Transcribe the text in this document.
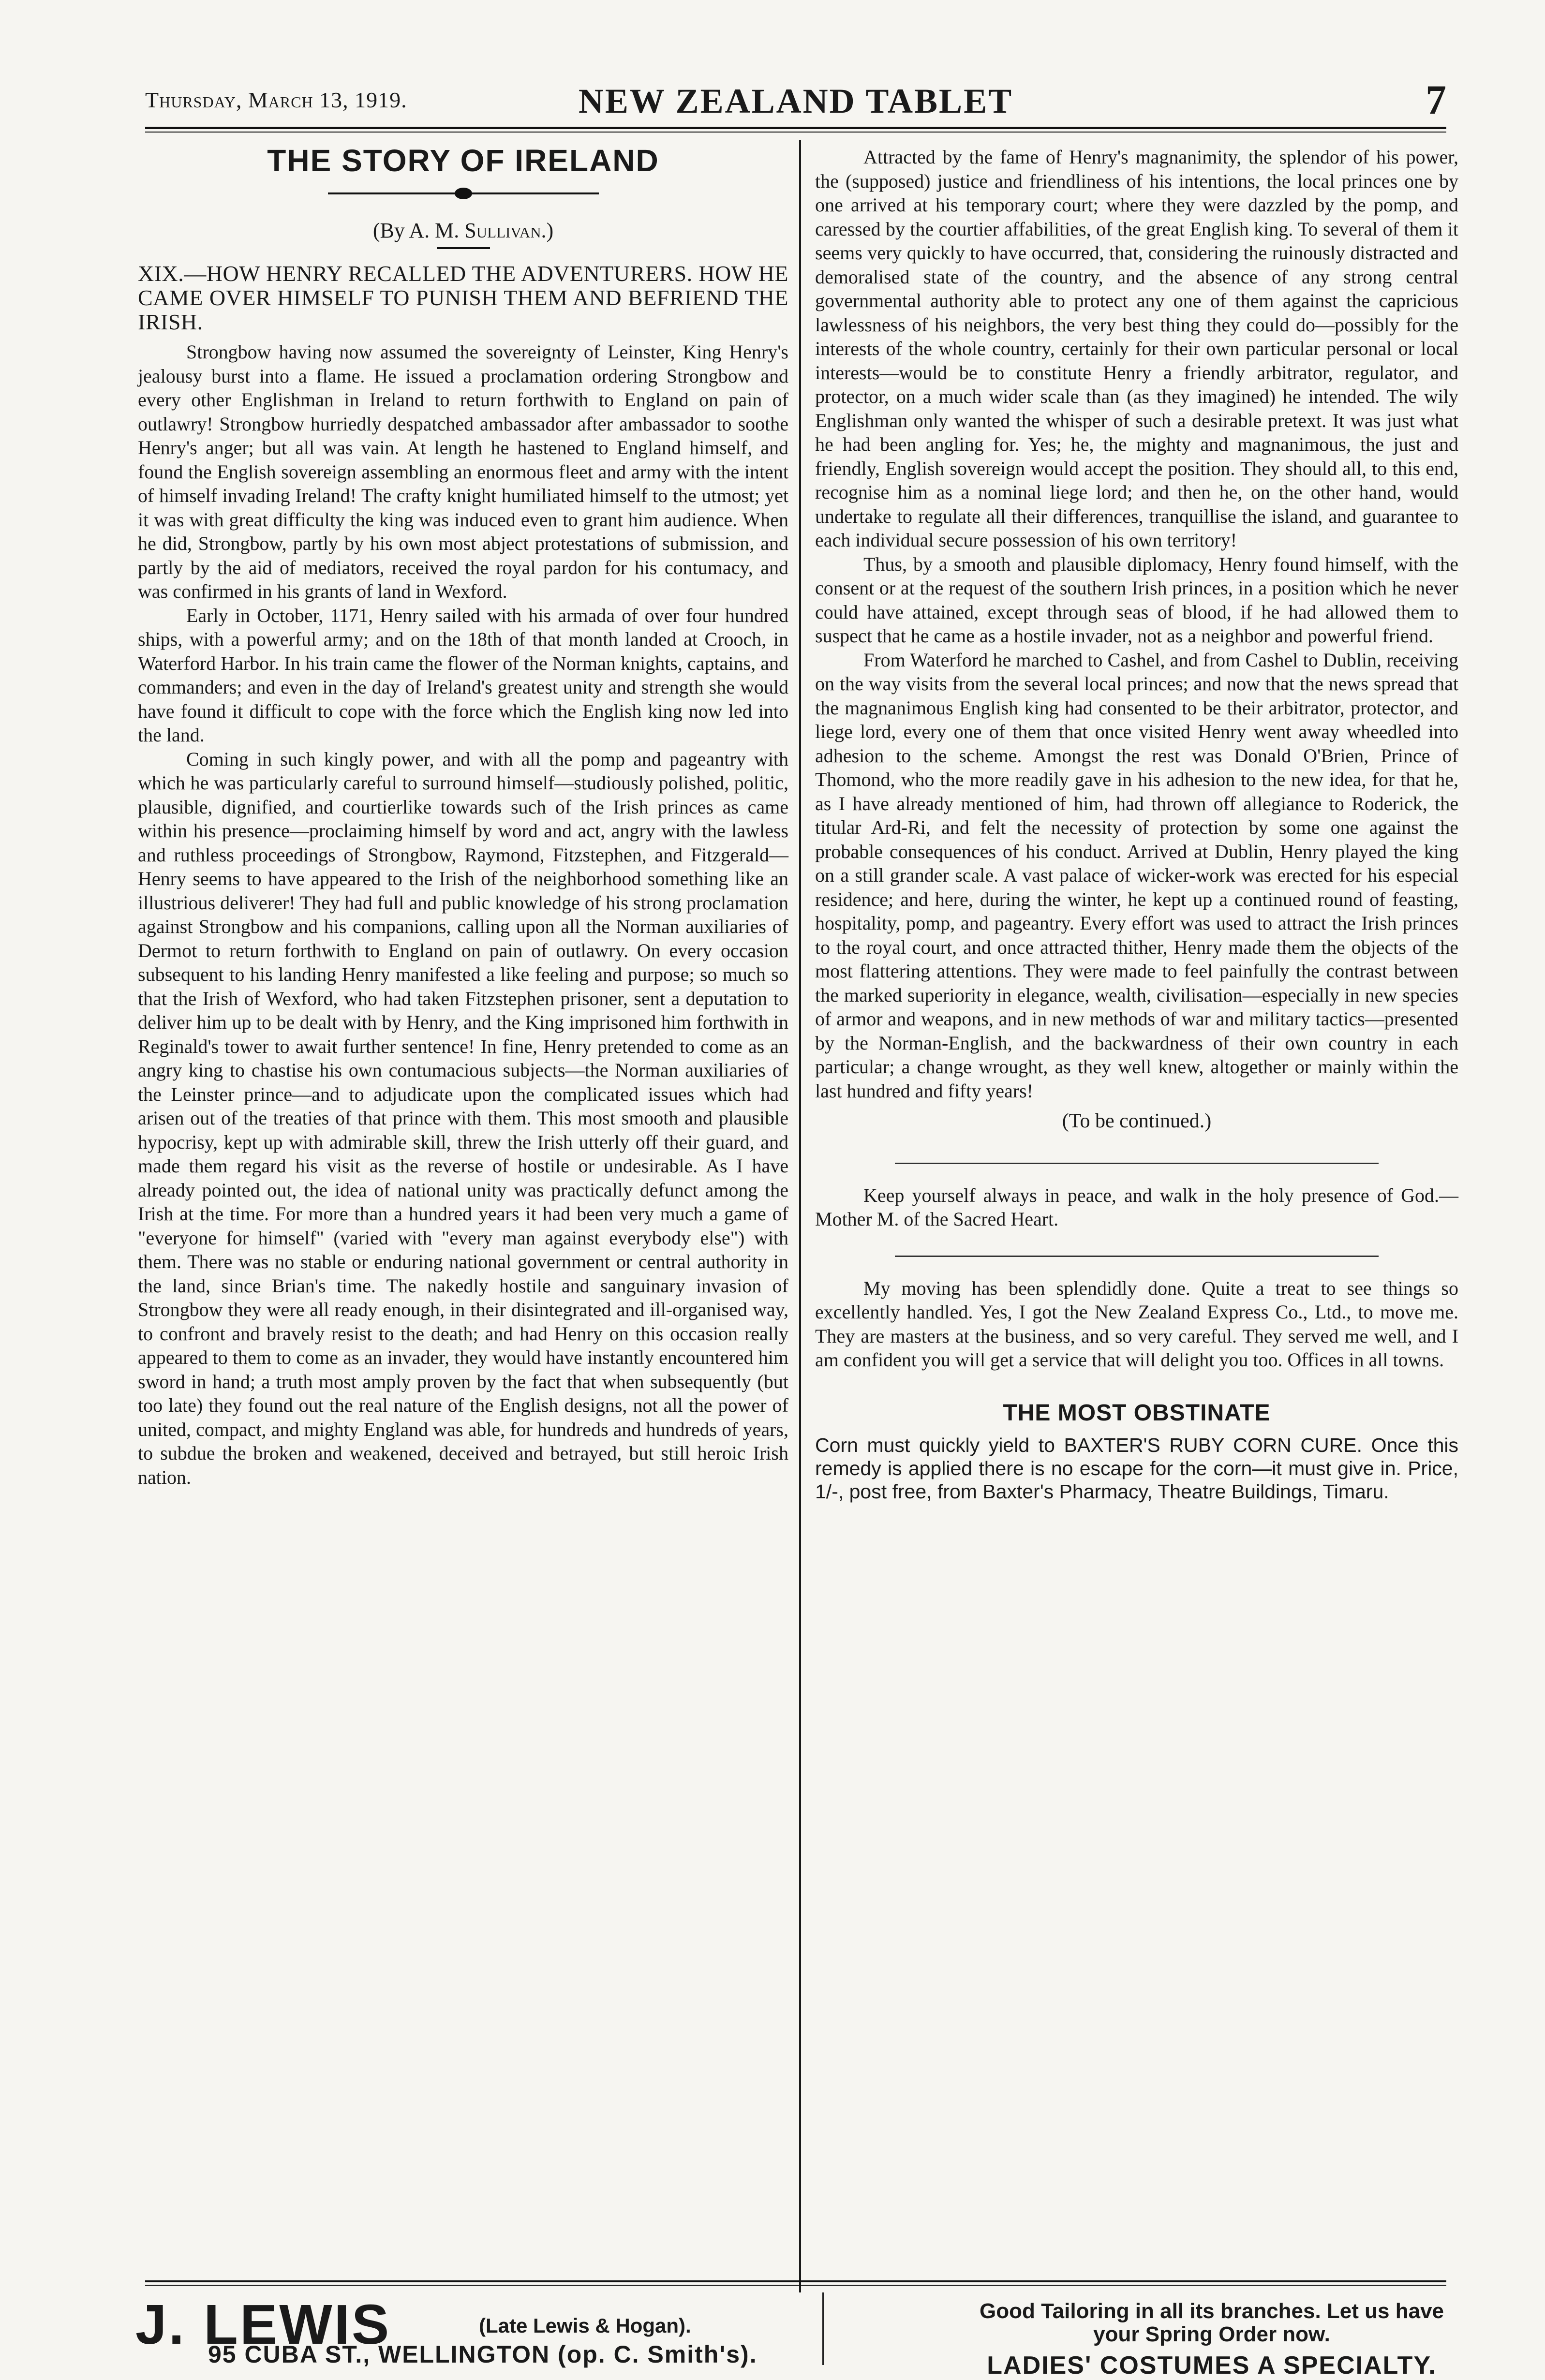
Thursday, March 13, 1919.	NEW ZEALAND TABLET	7
THE STORY OF IRELAND
(By A. M. Sullivan.)
XIX.—HOW HENRY RECALLED THE ADVENTURERS. HOW HE CAME OVER HIMSELF TO PUNISH THEM AND BEFRIEND THE IRISH.

Strongbow having now assumed the sovereignty of Leinster, King Henry's jealousy burst into a flame. He issued a proclamation ordering Strongbow and every other Englishman in Ireland to return forthwith to England on pain of outlawry! Strongbow hurriedly despatched ambassador after ambassador to soothe Henry's anger; but all was vain. At length he hastened to England himself, and found the English sovereign assembling an enormous fleet and army with the intent of himself invading Ireland! The crafty knight humiliated himself to the utmost; yet it was with great difficulty the king was induced even to grant him audience. When he did, Strongbow, partly by his own most abject protestations of submission, and partly by the aid of mediators, received the royal pardon for his contumacy, and was confirmed in his grants of land in Wexford.

Early in October, 1171, Henry sailed with his armada of over four hundred ships, with a powerful army; and on the 18th of that month landed at Crooch, in Waterford Harbor. In his train came the flower of the Norman knights, captains, and commanders; and even in the day of Ireland's greatest unity and strength she would have found it difficult to cope with the force which the English king now led into the land.

Coming in such kingly power, and with all the pomp and pageantry with which he was particularly careful to surround himself—studiously polished, politic, plausible, dignified, and courtierlike towards such of the Irish princes as came within his presence—proclaiming himself by word and act, angry with the lawless and ruthless proceedings of Strongbow, Raymond, Fitzstephen, and Fitzgerald—Henry seems to have appeared to the Irish of the neighborhood something like an illustrious deliverer! They had full and public knowledge of his strong proclamation against Strongbow and his companions, calling upon all the Norman auxiliaries of Dermot to return forthwith to England on pain of outlawry. On every occasion subsequent to his landing Henry manifested a like feeling and purpose; so much so that the Irish of Wexford, who had taken Fitzstephen prisoner, sent a deputation to deliver him up to be dealt with by Henry, and the King imprisoned him forthwith in Reginald's tower to await further sentence! In fine, Henry pretended to come as an angry king to chastise his own contumacious subjects—the Norman auxiliaries of the Leinster prince—and to adjudicate upon the complicated issues which had arisen out of the treaties of that prince with them. This most smooth and plausible hypocrisy, kept up with admirable skill, threw the Irish utterly off their guard, and made them regard his visit as the reverse of hostile or undesirable. As I have already pointed out, the idea of national unity was practically defunct among the Irish at the time. For more than a hundred years it had been very much a game of "everyone for himself" (varied with "every man against everybody else") with them. There was no stable or enduring national government or central authority in the land, since Brian's time. The nakedly hostile and sanguinary invasion of Strongbow they were all ready enough, in their disintegrated and ill-organised way, to confront and bravely resist to the death; and had Henry on this occasion really appeared to them to come as an invader, they would have instantly encountered him sword in hand; a truth most amply proven by the fact that when subsequently (but too late) they found out the real nature of the English designs, not all the power of united, compact, and mighty England was able, for hundreds and hundreds of years, to subdue the broken and weakened, deceived and betrayed, but still heroic Irish nation.

Attracted by the fame of Henry's magnanimity, the splendor of his power, the (supposed) justice and friendliness of his intentions, the local princes one by one arrived at his temporary court; where they were dazzled by the pomp, and caressed by the courtier affabilities, of the great English king. To several of them it seems very quickly to have occurred, that, considering the ruinously distracted and demoralised state of the country, and the absence of any strong central governmental authority able to protect any one of them against the capricious lawlessness of his neighbors, the very best thing they could do—possibly for the interests of the whole country, certainly for their own particular personal or local interests—would be to constitute Henry a friendly arbitrator, regulator, and protector, on a much wider scale than (as they imagined) he intended. The wily Englishman only wanted the whisper of such a desirable pretext. It was just what he had been angling for. Yes; he, the mighty and magnanimous, the just and friendly, English sovereign would accept the position. They should all, to this end, recognise him as a nominal liege lord; and then he, on the other hand, would undertake to regulate all their differences, tranquillise the island, and guarantee to each individual secure possession of his own territory!

Thus, by a smooth and plausible diplomacy, Henry found himself, with the consent or at the request of the southern Irish princes, in a position which he never could have attained, except through seas of blood, if he had allowed them to suspect that he came as a hostile invader, not as a neighbor and powerful friend.

From Waterford he marched to Cashel, and from Cashel to Dublin, receiving on the way visits from the several local princes; and now that the news spread that the magnanimous English king had consented to be their arbitrator, protector, and liege lord, every one of them that once visited Henry went away wheedled into adhesion to the scheme. Amongst the rest was Donald O'Brien, Prince of Thomond, who the more readily gave in his adhesion to the new idea, for that he, as I have already mentioned of him, had thrown off allegiance to Roderick, the titular Ard-Ri, and felt the necessity of protection by some one against the probable consequences of his conduct. Arrived at Dublin, Henry played the king on a still grander scale. A vast palace of wicker-work was erected for his especial residence; and here, during the winter, he kept up a continued round of feasting, hospitality, pomp, and pageantry. Every effort was used to attract the Irish princes to the royal court, and once attracted thither, Henry made them the objects of the most flattering attentions. They were made to feel painfully the contrast between the marked superiority in elegance, wealth, civilisation—especially in new species of armor and weapons, and in new methods of war and military tactics—presented by the Norman-English, and the backwardness of their own country in each particular; a change wrought, as they well knew, altogether or mainly within the last hundred and fifty years!

(To be continued.)

Keep yourself always in peace, and walk in the holy presence of God.—Mother M. of the Sacred Heart.

My moving has been splendidly done. Quite a treat to see things so excellently handled. Yes, I got the New Zealand Express Co., Ltd., to move me. They are masters at the business, and so very careful. They served me well, and I am confident you will get a service that will delight you too. Offices in all towns.

THE MOST OBSTINATE
Corn must quickly yield to BAXTER'S RUBY CORN CURE. Once this remedy is applied there is no escape for the corn—it must give in. Price, 1/-, post free, from Baxter's Pharmacy, Theatre Buildings, Timaru.
J. LEWIS	(Late Lewis & Hogan).
95 CUBA ST., WELLINGTON (op. C. Smith's).
Good Tailoring in all its branches. Let us have your Spring Order now.
LADIES' COSTUMES A SPECIALTY.
